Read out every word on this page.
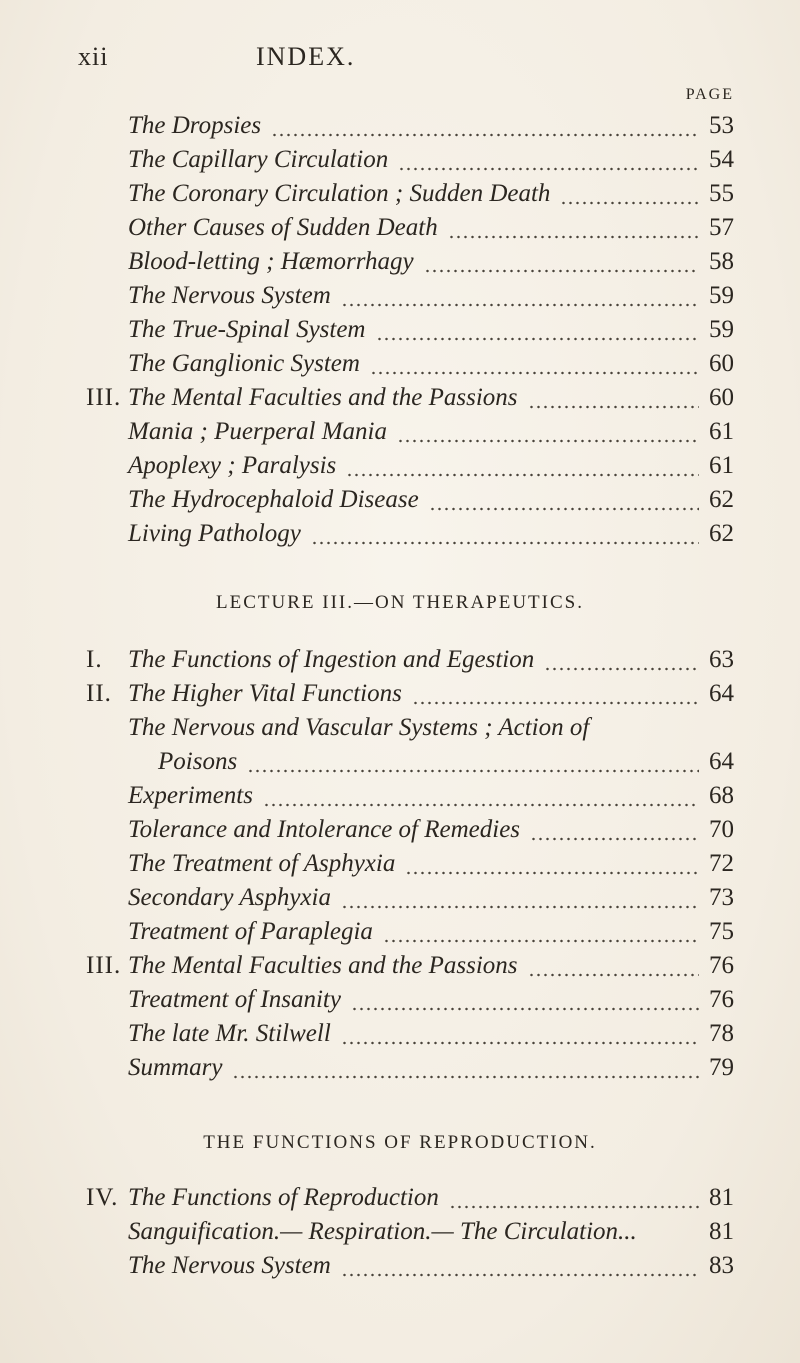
xii	INDEX.
PAGE
The Dropsies	53
The Capillary Circulation	54
The Coronary Circulation ; Sudden Death	55
Other Causes of Sudden Death	57
Blood-letting ; Hæmorrhagy	58
The Nervous System	59
The True-Spinal System	59
The Ganglionic System	60
III. The Mental Faculties and the Passions	60
Mania ; Puerperal Mania	61
Apoplexy ; Paralysis	61
The Hydrocephaloid Disease	62
Living Pathology	62
LECTURE III.—ON THERAPEUTICS.
I. The Functions of Ingestion and Egestion	63
II. The Higher Vital Functions	64
The Nervous and Vascular Systems ; Action of
Poisons	64
Experiments	68
Tolerance and Intolerance of Remedies	70
The Treatment of Asphyxia	72
Secondary Asphyxia	73
Treatment of Paraplegia	75
III. The Mental Faculties and the Passions	76
Treatment of Insanity	76
The late Mr. Stilwell	78
Summary	79
THE FUNCTIONS OF REPRODUCTION.
IV. The Functions of Reproduction	81
Sanguification.— Respiration.— The Circulation...	81
The Nervous System	83
